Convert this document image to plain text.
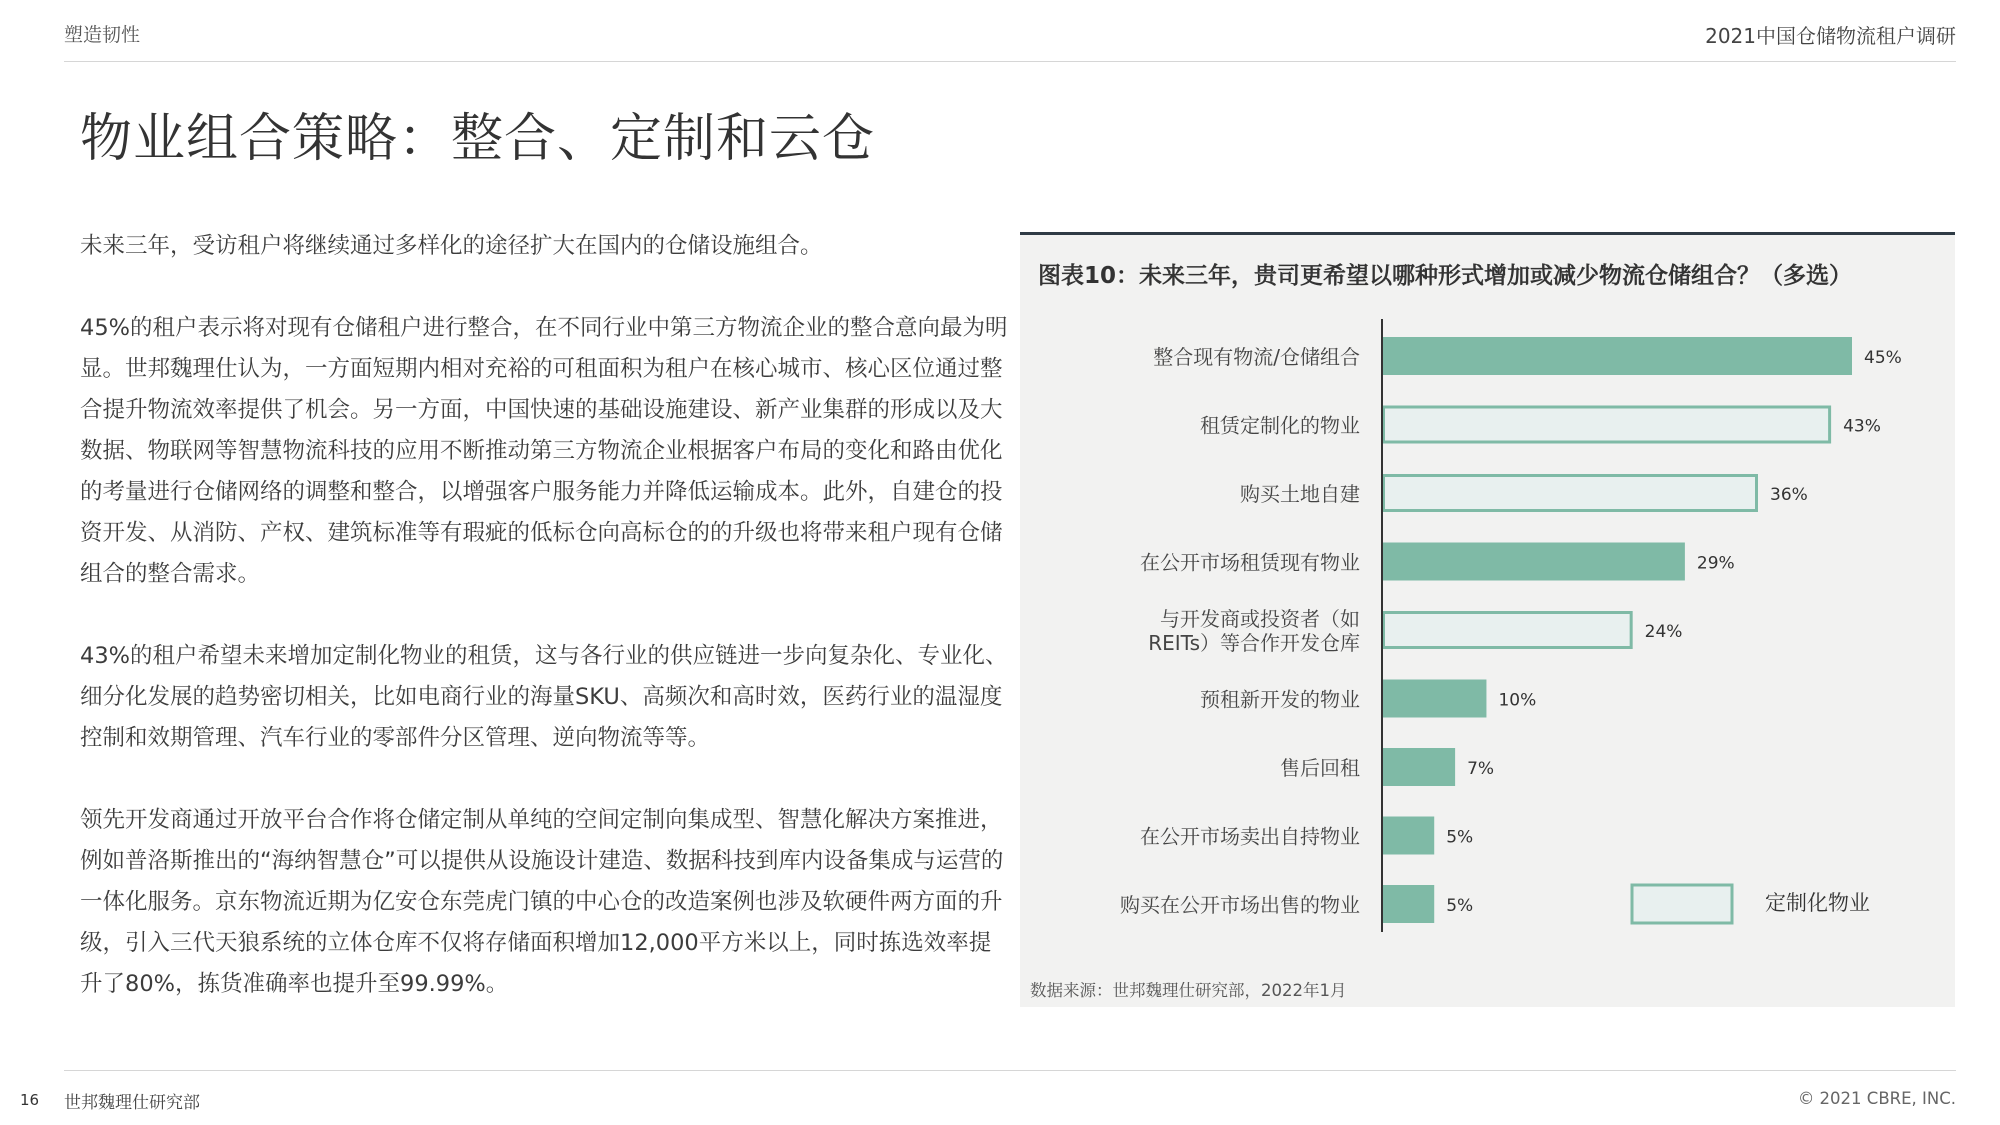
塑造韧性	2021中国仓储物流租户调研
物业组合策略：整合、定制和云仓

未来三年，受访租户将继续通过多样化的途径扩大在国内的仓储设施组合。

45%的租户表示将对现有仓储租户进行整合，在不同行业中第三方物流企业的整合意向最为明显。世邦魏理仕认为，一方面短期内相对充裕的可租面积为租户在核心城市、核心区位通过整合提升物流效率提供了机会。另一方面，中国快速的基础设施建设、新产业集群的形成以及大数据、物联网等智慧物流科技的应用不断推动第三方物流企业根据客户布局的变化和路由优化的考量进行仓储网络的调整和整合，以增强客户服务能力并降低运输成本。此外，自建仓的投资开发、从消防、产权、建筑标准等有瑕疵的低标仓向高标仓的的升级也将带来租户现有仓储组合的整合需求。

43%的租户希望未来增加定制化物业的租赁，这与各行业的供应链进一步向复杂化、专业化、细分化发展的趋势密切相关，比如电商行业的海量SKU、高频次和高时效，医药行业的温湿度控制和效期管理、汽车行业的零部件分区管理、逆向物流等等。

领先开发商通过开放平台合作将仓储定制从单纯的空间定制向集成型、智慧化解决方案推进，例如普洛斯推出的“海纳智慧仓”可以提供从设施设计建造、数据科技到库内设备集成与运营的一体化服务。京东物流近期为亿安仓东莞虎门镇的中心仓的改造案例也涉及软硬件两方面的升级，引入三代天狼系统的立体仓库不仅将存储面积增加12,000平方米以上，同时拣选效率提升了80%，拣货准确率也提升至99.99%。

图表10：未来三年，贵司更希望以哪种形式增加或减少物流仓储组合？（多选）
45%
整合现有物流/仓储组合
43%
租赁定制化的物业
36%
购买土地自建
29%
在公开市场租赁现有物业
24%
与开发商或投资者（如
REITs）等合作开发仓库
10%
预租新开发的物业
7%
售后回租
5%
在公开市场卖出自持物业
5%
购买在公开市场出售的物业	定制化物业
数据来源：世邦魏理仕研究部，2022年1月
16 世邦魏理仕研究部	© 2021 CBRE, INC.
